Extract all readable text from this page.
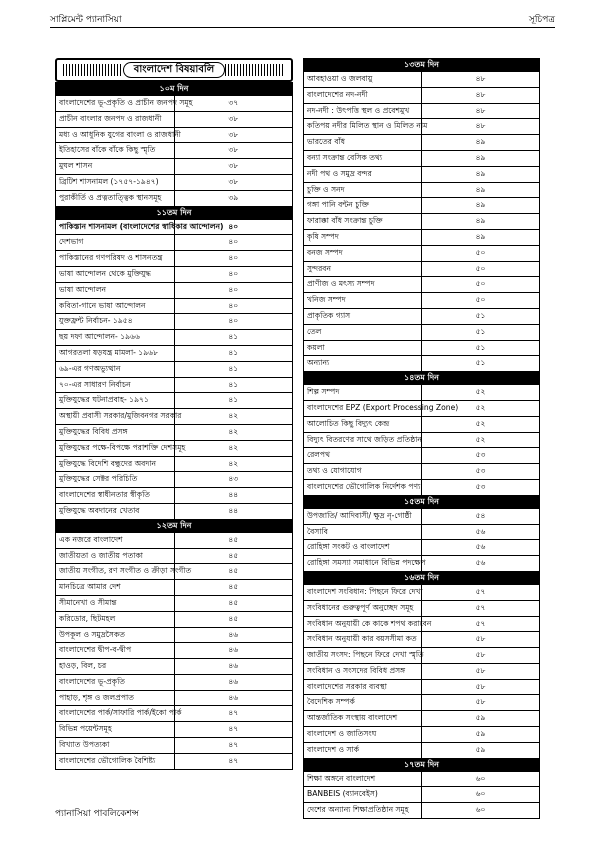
সাপ্লিমেন্ট প্যানাসিয়া	সূচিপত্র
বাংলাদেশ বিষয়াবলি
১০ম দিন	
বাংলাদেশের ভূ-প্রকৃতি ও প্রাচীন জনপদ সমূহ	৩৭
প্রাচীন বাংলার জনপদ ও রাজধানী	৩৮
মধ্য ও আধুনিক যুগের বাংলা ও রাজধানী	৩৮
ইতিহাসের বাঁকে বাঁকে কিছু স্মৃতি	৩৮
মুঘল শাসন	৩৮
ব্রিটিশ শাসনামল (১৭৫৭-১৯৪৭)	৩৮
পুরাকীর্তি ও প্রত্নতাত্ত্বিক স্থানসমূহ	৩৯
১১তম দিন	
পাকিস্তান শাসনামল (বাংলাদেশের স্বাধিকার আন্দোলন)	৪০
দেশভাগ	৪০
পাকিস্তানের গণপরিষদ ও শাসনতন্ত্র	৪০
ভাষা আন্দোলন থেকে মুক্তিযুদ্ধ	৪০
ভাষা আন্দোলন	৪০
কবিতা-গানে ভাষা আন্দোলন	৪০
যুক্তফ্রন্ট নির্বাচন- ১৯৫৪	৪০
ছয় দফা আন্দোলন- ১৯৬৬	৪১
আগরতলা ষড়যন্ত্র মামলা- ১৯৬৮	৪১
৬৯-এর গণঅভ্যুত্থান	৪১
৭০-এর সাধারণ নির্বাচন	৪১
মুক্তিযুদ্ধের ঘটনাপ্রবাহ- ১৯৭১	৪১
অস্থায়ী প্রবাসী সরকার/মুজিবনগর সরকার	৪২
মুক্তিযুদ্ধের বিবিধ প্রসঙ্গ	৪২
মুক্তিযুদ্ধের পক্ষে-বিপক্ষে পরাশক্তি দেশসমূহ	৪২
মুক্তিযুদ্ধে বিদেশি বন্ধুদের অবদান	৪২
মুক্তিযুদ্ধের সেক্টর পরিচিতি	৪৩
বাংলাদেশের স্বাধীনতার স্বীকৃতি	৪৪
মুক্তিযুদ্ধে অবদানের খেতাব	৪৪
১২তম দিন	
এক নজরে বাংলাদেশ	৪৫
জাতীয়তা ও জাতীয় পতাকা	৪৫
জাতীয় সংগীত, রণ সংগীত ও ক্রীড়া সংগীত	৪৫
মানচিত্রে আমার দেশ	৪৫
সীমানেখা ও সীমান্ত	৪৫
করিডোর, ছিটমহল	৪৫
উপকূল ও সমুদ্রসৈকত	৪৬
বাংলাদেশের দ্বীপ-ব-দ্বীপ	৪৬
হাওড়, বিল, চর	৪৬
বাংলাদেশের ভূ-প্রকৃতি	৪৬
পাহাড়, শৃঙ্গ ও জলপ্রপাত	৪৬
বাংলাদেশের পার্ক/সাফারি পার্ক/ইকো পার্ক	৪৭
বিভিন্ন পয়েন্টসমূহ	৪৭
বিখ্যাত উপত্যকা	৪৭
বাংলাদেশের ভৌগোলিক বৈশিষ্ট্য	৪৭
১৩তম দিন	
আবহাওয়া ও জলবায়ু	৪৮
বাংলাদেশের নদ-নদী	৪৮
নদ-নদী : উৎপত্তি স্থল ও প্রবেশমুখ	৪৮
কতিপয় নদীর মিলিত স্থান ও মিলিত নাম	৪৮
ভারতের বাঁধ	৪৯
বন্যা সংক্রান্ত বেসিক তথ্য	৪৯
নদী পথ ও সমুদ্র বন্দর	৪৯
চুক্তি ও সনদ	৪৯
গঙ্গা পানি বন্টন চুক্তি	৪৯
ফারাক্কা বাঁধ সংক্রান্ত চুক্তি	৪৯
কৃষি সম্পদ	৪৯
বনজ সম্পদ	৫০
সুন্দরবন	৫০
প্রাণীজ ও মৎস্য সম্পদ	৫০
খনিজ সম্পদ	৫০
প্রাকৃতিক গ্যাস	৫১
তেল	৫১
কয়লা	৫১
অন্যান্য	৫১
১৪তম দিন	
শিল্প সম্পদ	৫২
বাংলাদেশের EPZ (Export Processing Zone)	৫২
আলোচিত কিছু বিদ্যুৎ কেন্দ্র	৫২
বিদ্যুৎ বিতরণের সাথে জড়িত প্রতিষ্ঠান	৫২
রেলপথ	৫৩
তথ্য ও যোগাযোগ	৫৩
বাংলাদেশের ভৌগোলিক নির্দেশক পণ্য	৫৩
১৫তম দিন	
উপজাতি/ আদিবাসী/ ক্ষুদ্র নৃ-গোষ্ঠী	৫৪
বৈসাবি	৫৬
রোহিঙ্গা সংকট ও বাংলাদেশ	৫৬
রোহিঙ্গা সমস্যা সমাধানে বিভিন্ন পদক্ষেপ	৫৬
১৬তম দিন	
বাংলাদেশ সংবিধান: পিছনে ফিরে দেখা	৫৭
সংবিধানের গুরুত্বপূর্ণ অনুচ্ছেদ সমূহ	৫৭
সংবিধান অনুযায়ী কে কাকে শপথ করাবেন	৫৭
সংবিধান অনুযায়ী কার বয়সসীমা কত	৫৮
জাতীয় সংসদ: পিছনে ফিরে দেখা স্মৃতি	৫৮
সংবিধান ও সংসদের বিবিধ প্রসঙ্গ	৫৮
বাংলাদেশের সরকার ব্যবস্থা	৫৮
বৈদেশিক সম্পর্ক	৫৮
আন্তর্জাতিক সংস্থায় বাংলাদেশ	৫৯
বাংলাদেশ ও জাতিসংঘ	৫৯
বাংলাদেশ ও সার্ক	৫৯
১৭তম দিন	
শিক্ষা অঙ্গনে বাংলাদেশ	৬০
BANBEIS (ব্যানবেইস)	৬০
দেশের অন্যান্য শিক্ষাপ্রতিষ্ঠান সমূহ	৬০
প্যানাসিয়া পাবলিকেশন্স
